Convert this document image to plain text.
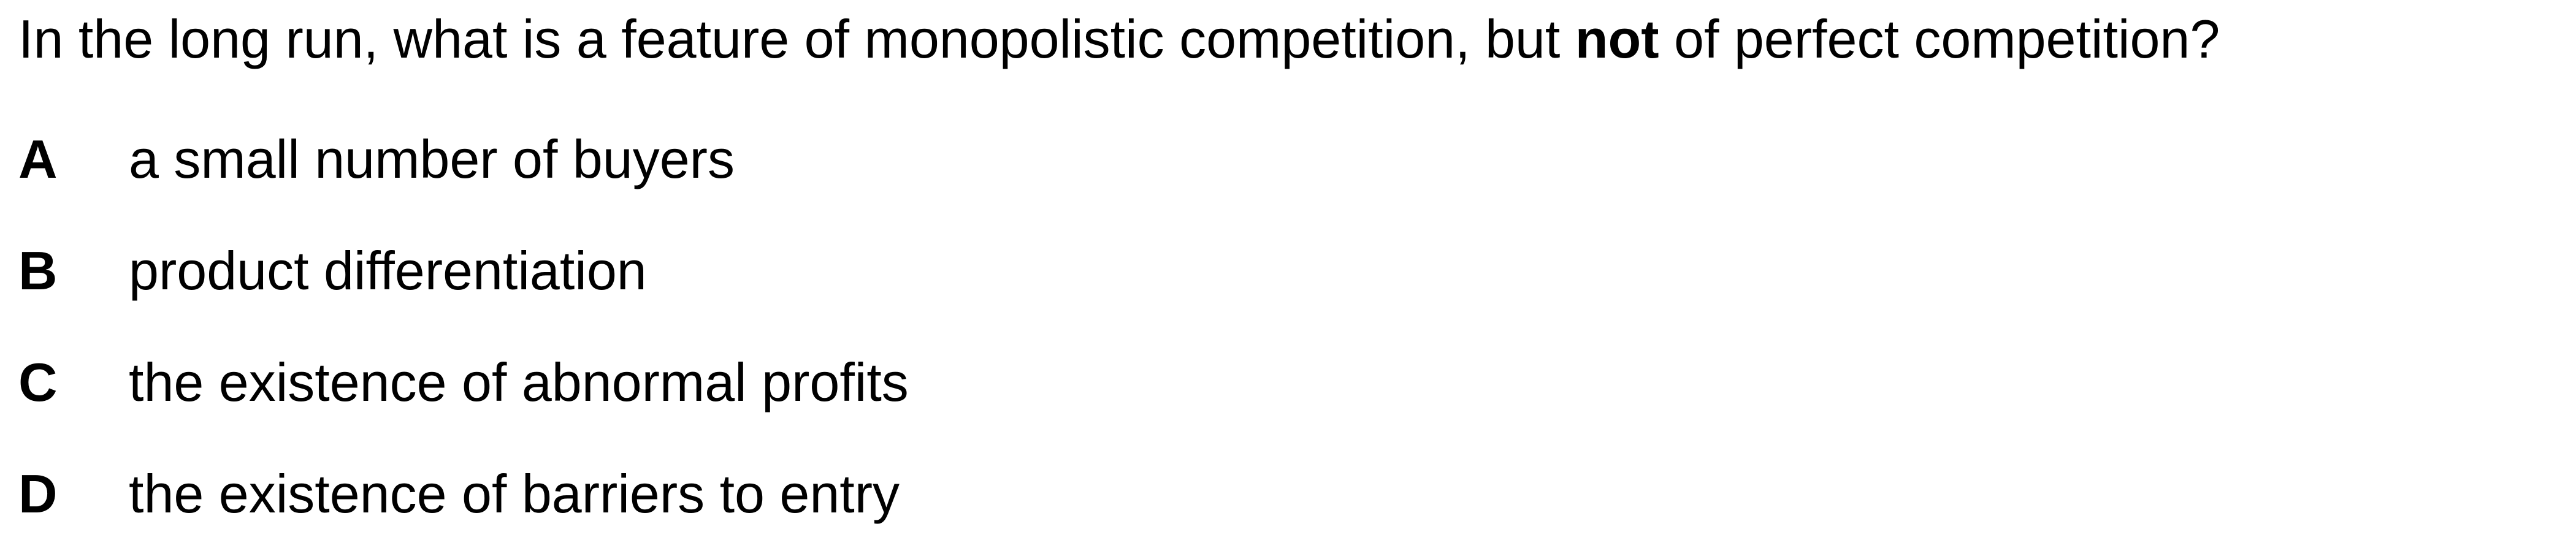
In the long run, what is a feature of monopolistic competition, but not of perfect competition?

A a small number of buyers
B product differentiation
C the existence of abnormal profits
D the existence of barriers to entry
